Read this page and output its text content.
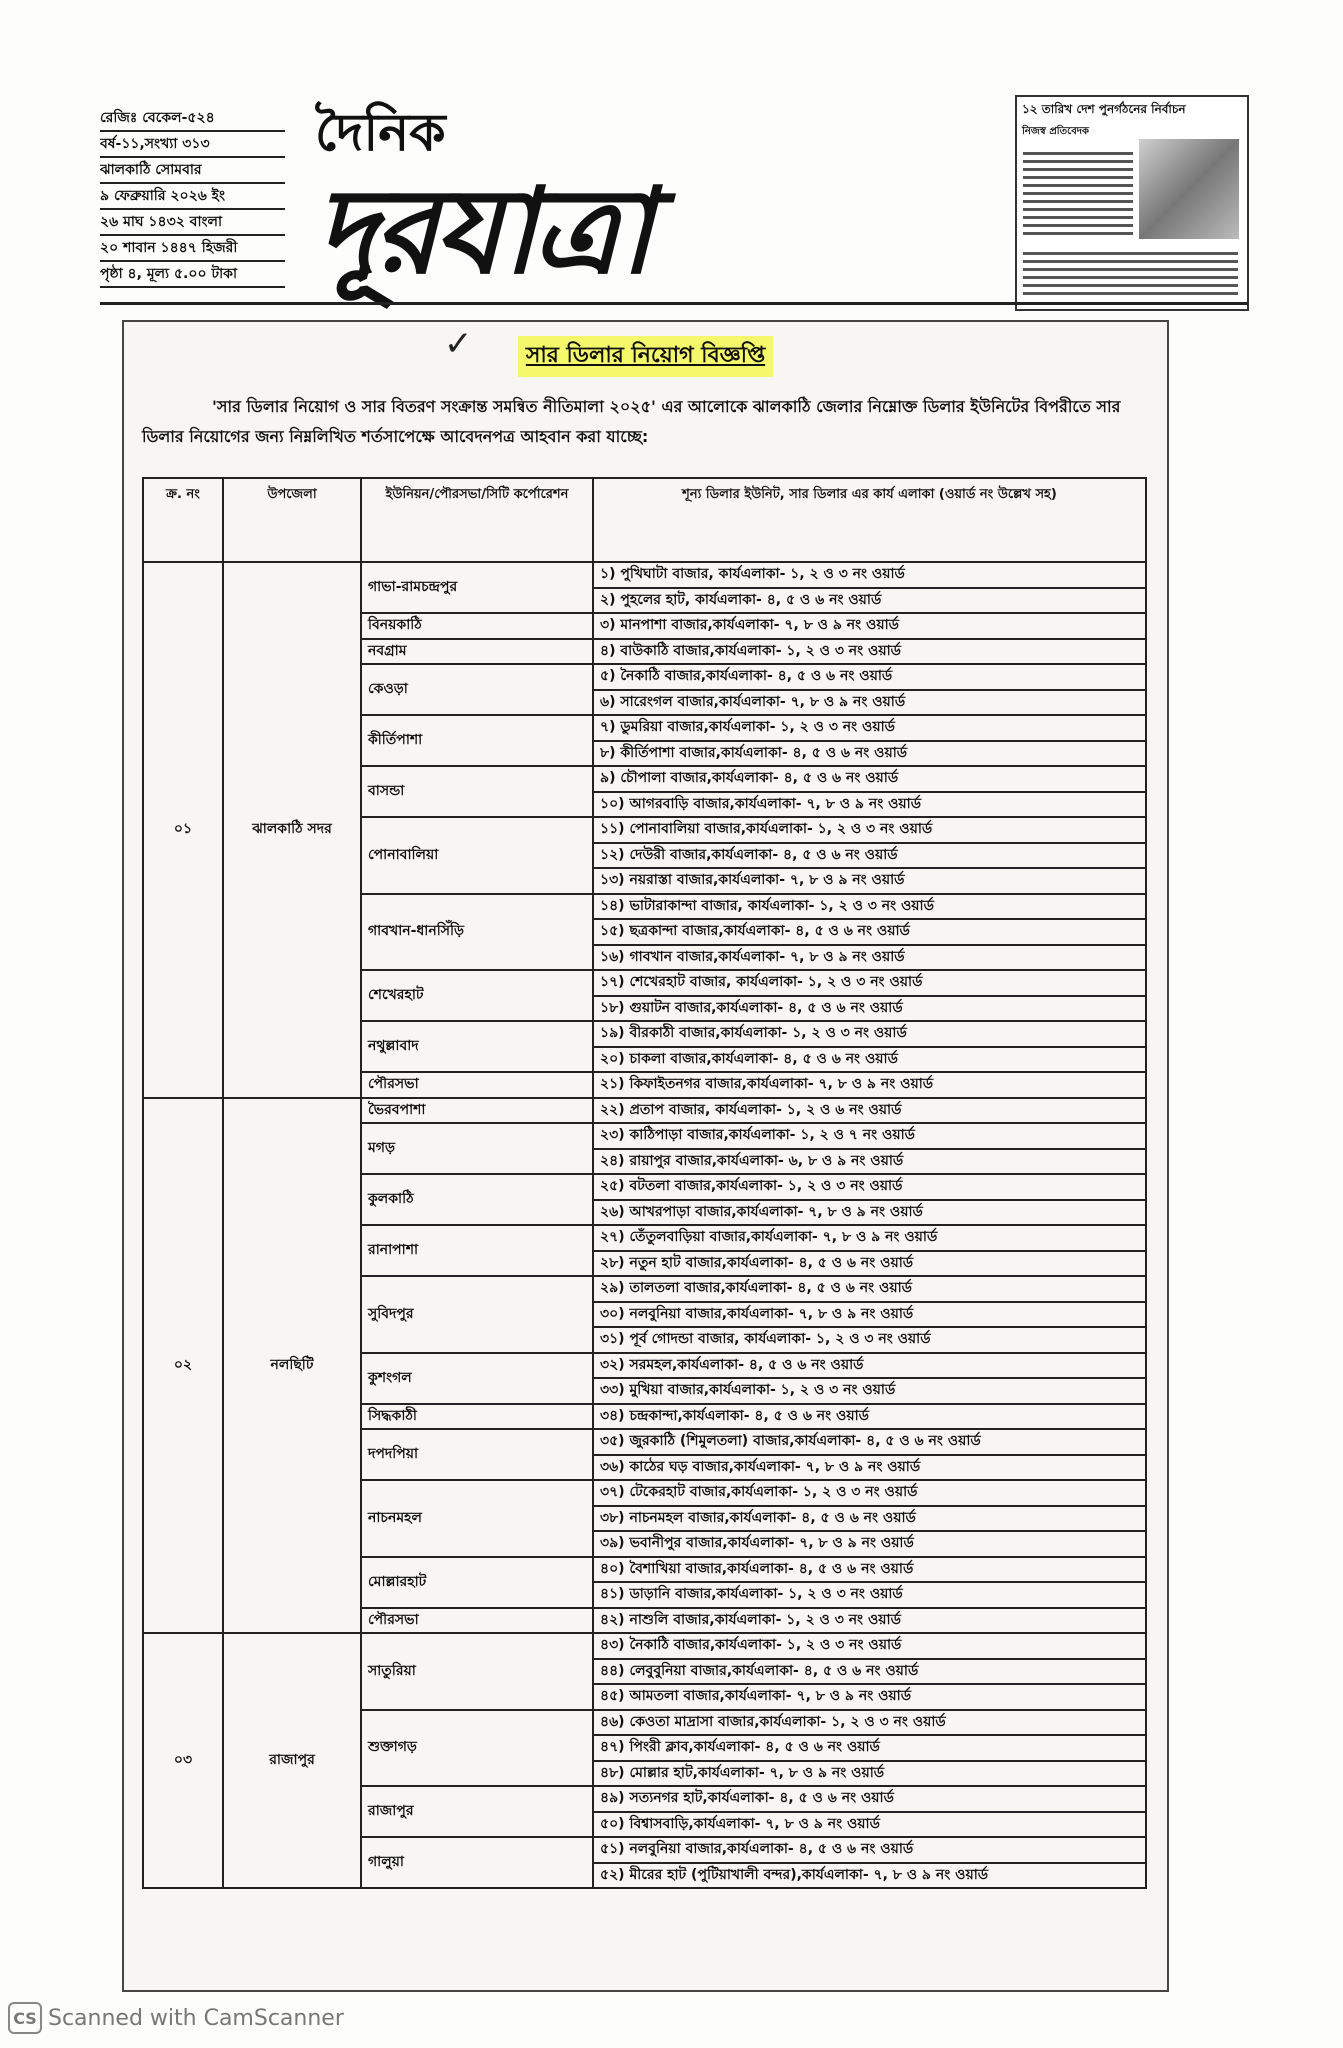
রেজিঃ বেকেল-৫২৪
বর্ষ-১১,সংখ্যা ৩১৩
ঝালকাঠি সোমবার
৯ ফেব্রুয়ারি ২০২৬ ইং
২৬ মাঘ ১৪৩২ বাংলা
২০ শাবান ১৪৪৭ হিজরী
পৃষ্ঠা ৪, মূল্য ৫.০০ টাকা
দৈনিক
দূরযাত্রা
১২ তারিখ দেশ পুনর্গঠনের নির্বাচন
নিজস্ব প্রতিবেদক
✓	সার ডিলার নিয়োগ বিজ্ঞপ্তি
'সার ডিলার নিয়োগ ও সার বিতরণ সংক্রান্ত সমন্বিত নীতিমালা ২০২৫' এর আলোকে ঝালকাঠি জেলার নিম্নোক্ত ডিলার ইউনিটের বিপরীতে সার ডিলার নিয়োগের জন্য নিম্নলিখিত শর্তসাপেক্ষে আবেদনপত্র আহবান করা যাচ্ছে:
ক্র. নং	উপজেলা	ইউনিয়ন/পৌরসভা/সিটি কর্পোরেশন	শূন্য ডিলার ইউনিট, সার ডিলার এর কার্য এলাকা (ওয়ার্ড নং উল্লেখ সহ)
০১	ঝালকাঠি সদর	গাভা-রামচন্দ্রপুর	১) পুখিঘাটা বাজার, কার্যএলাকা- ১, ২ ও ৩ নং ওয়ার্ড
			২) পুহলের হাট, কার্যএলাকা- ৪, ৫ ও ৬ নং ওয়ার্ড
		বিনয়কাঠি	৩) মানপাশা বাজার,কার্যএলাকা- ৭, ৮ ও ৯ নং ওয়ার্ড
		নবগ্রাম	৪) বাউকাঠি বাজার,কার্যএলাকা- ১, ২ ও ৩ নং ওয়ার্ড
		কেওড়া	৫) নৈকাঠি বাজার,কার্যএলাকা- ৪, ৫ ও ৬ নং ওয়ার্ড
			৬) সারেংগল বাজার,কার্যএলাকা- ৭, ৮ ও ৯ নং ওয়ার্ড
		কীর্তিপাশা	৭) ডুমরিয়া বাজার,কার্যএলাকা- ১, ২ ও ৩ নং ওয়ার্ড
			৮) কীর্তিপাশা বাজার,কার্যএলাকা- ৪, ৫ ও ৬ নং ওয়ার্ড
		বাসন্ডা	৯) চৌপালা বাজার,কার্যএলাকা- ৪, ৫ ও ৬ নং ওয়ার্ড
			১০) আগরবাড়ি বাজার,কার্যএলাকা- ৭, ৮ ও ৯ নং ওয়ার্ড
		পোনাবালিয়া	১১) পোনাবালিয়া বাজার,কার্যএলাকা- ১, ২ ও ৩ নং ওয়ার্ড
			১২) দেউরী বাজার,কার্যএলাকা- ৪, ৫ ও ৬ নং ওয়ার্ড
			১৩) নয়রাস্তা বাজার,কার্যএলাকা- ৭, ৮ ও ৯ নং ওয়ার্ড
		গাবখান-ধানসিঁড়ি	১৪) ভাটারাকান্দা বাজার, কার্যএলাকা- ১, ২ ও ৩ নং ওয়ার্ড
			১৫) ছত্রকান্দা বাজার,কার্যএলাকা- ৪, ৫ ও ৬ নং ওয়ার্ড
			১৬) গাবখান বাজার,কার্যএলাকা- ৭, ৮ ও ৯ নং ওয়ার্ড
		শেখেরহাট	১৭) শেখেরহাট বাজার, কার্যএলাকা- ১, ২ ও ৩ নং ওয়ার্ড
			১৮) গুয়াটন বাজার,কার্যএলাকা- ৪, ৫ ও ৬ নং ওয়ার্ড
		নথুল্লাবাদ	১৯) বীরকাঠী বাজার,কার্যএলাকা- ১, ২ ও ৩ নং ওয়ার্ড
			২০) চাকলা বাজার,কার্যএলাকা- ৪, ৫ ও ৬ নং ওয়ার্ড
		পৌরসভা	২১) কিফাইতনগর বাজার,কার্যএলাকা- ৭, ৮ ও ৯ নং ওয়ার্ড
০২	নলছিটি	ভৈরবপাশা	২২) প্রতাপ বাজার, কার্যএলাকা- ১, ২ ও ৬ নং ওয়ার্ড
		মগড়	২৩) কাঠিপাড়া বাজার,কার্যএলাকা- ১, ২ ও ৭ নং ওয়ার্ড
			২৪) রায়াপুর বাজার,কার্যএলাকা- ৬, ৮ ও ৯ নং ওয়ার্ড
		কুলকাঠি	২৫) বটতলা বাজার,কার্যএলাকা- ১, ২ ও ৩ নং ওয়ার্ড
			২৬) আখরপাড়া বাজার,কার্যএলাকা- ৭, ৮ ও ৯ নং ওয়ার্ড
		রানাপাশা	২৭) তেঁতুলবাড়িয়া বাজার,কার্যএলাকা- ৭, ৮ ও ৯ নং ওয়ার্ড
			২৮) নতুন হাট বাজার,কার্যএলাকা- ৪, ৫ ও ৬ নং ওয়ার্ড
		সুবিদপুর	২৯) তালতলা বাজার,কার্যএলাকা- ৪, ৫ ও ৬ নং ওয়ার্ড
			৩০) নলবুনিয়া বাজার,কার্যএলাকা- ৭, ৮ ও ৯ নং ওয়ার্ড
			৩১) পূর্ব গোদন্ডা বাজার, কার্যএলাকা- ১, ২ ও ৩ নং ওয়ার্ড
		কুশংগল	৩২) সরমহল,কার্যএলাকা- ৪, ৫ ও ৬ নং ওয়ার্ড
			৩৩) মুখিয়া বাজার,কার্যএলাকা- ১, ২ ও ৩ নং ওয়ার্ড
		সিদ্ধকাঠী	৩৪) চন্দ্রকান্দা,কার্যএলাকা- ৪, ৫ ও ৬ নং ওয়ার্ড
		দপদপিয়া	৩৫) জুরকাঠি (শিমুলতলা) বাজার,কার্যএলাকা- ৪, ৫ ও ৬ নং ওয়ার্ড
			৩৬) কাঠের ঘড় বাজার,কার্যএলাকা- ৭, ৮ ও ৯ নং ওয়ার্ড
		নাচনমহল	৩৭) টেকেরহাট বাজার,কার্যএলাকা- ১, ২ ও ৩ নং ওয়ার্ড
			৩৮) নাচনমহল বাজার,কার্যএলাকা- ৪, ৫ ও ৬ নং ওয়ার্ড
			৩৯) ভবানীপুর বাজার,কার্যএলাকা- ৭, ৮ ও ৯ নং ওয়ার্ড
		মোল্লারহাট	৪০) বৈশাখিয়া বাজার,কার্যএলাকা- ৪, ৫ ও ৬ নং ওয়ার্ড
			৪১) ডাড়ানি বাজার,কার্যএলাকা- ১, ২ ও ৩ নং ওয়ার্ড
		পৌরসভা	৪২) নাশুলি বাজার,কার্যএলাকা- ১, ২ ও ৩ নং ওয়ার্ড
০৩	রাজাপুর	সাতুরিয়া	৪৩) নৈকাঠি বাজার,কার্যএলাকা- ১, ২ ও ৩ নং ওয়ার্ড
			৪৪) লেবুবুনিয়া বাজার,কার্যএলাকা- ৪, ৫ ও ৬ নং ওয়ার্ড
			৪৫) আমতলা বাজার,কার্যএলাকা- ৭, ৮ ও ৯ নং ওয়ার্ড
		শুক্তাগড়	৪৬) কেওতা মাদ্রাসা বাজার,কার্যএলাকা- ১, ২ ও ৩ নং ওয়ার্ড
			৪৭) পিংরী ক্লাব,কার্যএলাকা- ৪, ৫ ও ৬ নং ওয়ার্ড
			৪৮) মোল্লার হাট,কার্যএলাকা- ৭, ৮ ও ৯ নং ওয়ার্ড
		রাজাপুর	৪৯) সত্যনগর হাট,কার্যএলাকা- ৪, ৫ ও ৬ নং ওয়ার্ড
			৫০) বিশ্বাসবাড়ি,কার্যএলাকা- ৭, ৮ ও ৯ নং ওয়ার্ড
		গালুয়া	৫১) নলবুনিয়া বাজার,কার্যএলাকা- ৪, ৫ ও ৬ নং ওয়ার্ড
			৫২) মীরের হাট (পুটিয়াখালী বন্দর),কার্যএলাকা- ৭, ৮ ও ৯ নং ওয়ার্ড
CS Scanned with CamScanner
